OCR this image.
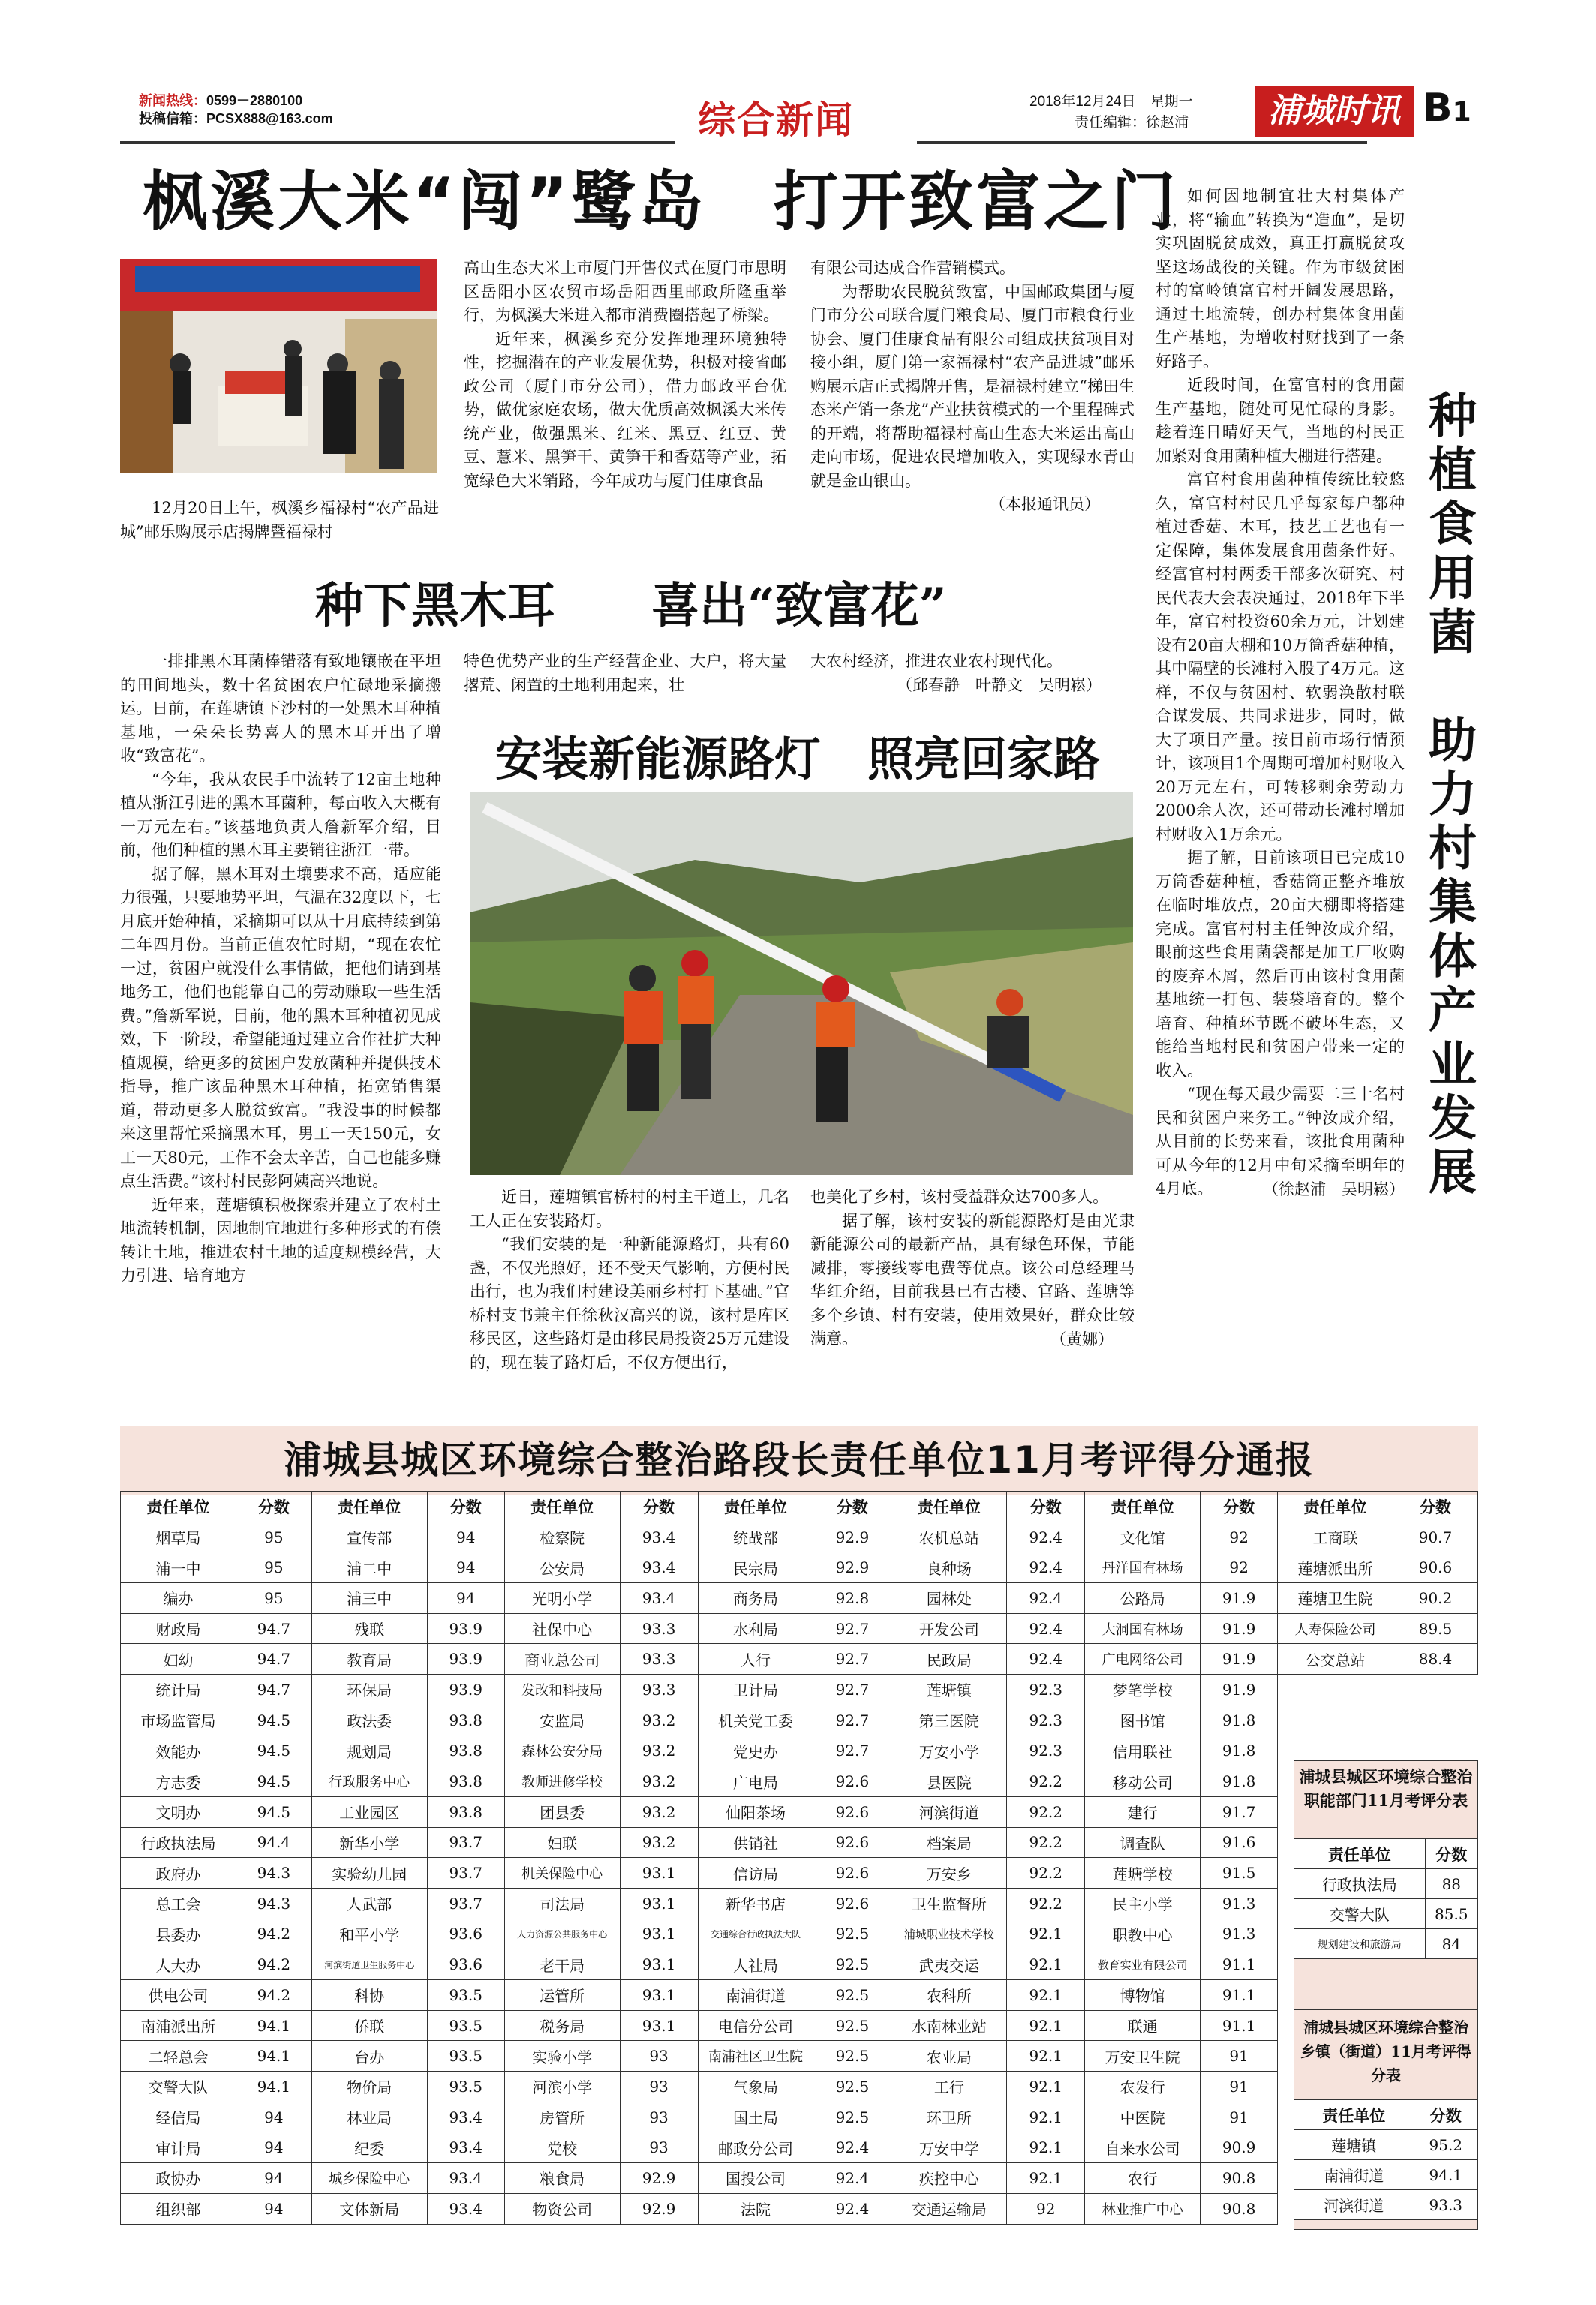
新闻热线：0599－2880100
投稿信箱：PCSX888@163.com	综合新闻	2018年12月24日　 星期一
责任编辑：徐赵浦	浦城时讯 B1
枫溪大米“闯”鹭岛　打开致富之门
12月20日上午，枫溪乡福禄村“农产品进城”邮乐购展示店揭牌暨福禄村

高山生态大米上市厦门开售仪式在厦门市思明区岳阳小区农贸市场岳阳西里邮政所隆重举行，为枫溪大米进入都市消费圈搭起了桥梁。

近年来，枫溪乡充分发挥地理环境独特性，挖掘潜在的产业发展优势，积极对接省邮政公司（厦门市分公司），借力邮政平台优势，做优家庭农场，做大优质高效枫溪大米传统产业，做强黑米、红米、黑豆、红豆、黄豆、薏米、黑笋干、黄笋干和香菇等产业，拓宽绿色大米销路，今年成功与厦门佳康食品

有限公司达成合作营销模式。

为帮助农民脱贫致富，中国邮政集团与厦门市分公司联合厦门粮食局、厦门市粮食行业协会、厦门佳康食品有限公司组成扶贫项目对接小组，厦门第一家福禄村“农产品进城”邮乐购展示店正式揭牌开售，是福禄村建立“梯田生态米产销一条龙”产业扶贫模式的一个里程碑式的开端，将帮助福禄村高山生态大米运出高山走向市场，促进农民增加收入，实现绿水青山就是金山银山。

（本报通讯员）

种下黑木耳　　喜出“致富花”

一排排黑木耳菌棒错落有致地镶嵌在平坦的田间地头，数十名贫困农户忙碌地采摘搬运。日前，在莲塘镇下沙村的一处黑木耳种植基地，一朵朵长势喜人的黑木耳开出了增收“致富花”。

“今年，我从农民手中流转了12亩土地种植从浙江引进的黑木耳菌种，每亩收入大概有一万元左右。”该基地负责人詹新军介绍，目前，他们种植的黑木耳主要销往浙江一带。

据了解，黑木耳对土壤要求不高，适应能力很强，只要地势平坦，气温在32度以下，七月底开始种植，采摘期可以从十月底持续到第二年四月份。当前正值农忙时期，“现在农忙一过，贫困户就没什么事情做，把他们请到基地务工，他们也能靠自己的劳动赚取一些生活费。”詹新军说，目前，他的黑木耳种植初见成效，下一阶段，希望能通过建立合作社扩大种植规模，给更多的贫困户发放菌种并提供技术指导，推广该品种黑木耳种植，拓宽销售渠道，带动更多人脱贫致富。“我没事的时候都来这里帮忙采摘黑木耳，男工一天150元，女工一天80元，工作不会太辛苦，自己也能多赚点生活费。”该村村民彭阿姨高兴地说。

近年来，莲塘镇积极探索并建立了农村土地流转机制，因地制宜地进行多种形式的有偿转让土地，推进农村土地的适度规模经营，大力引进、培育地方

特色优势产业的生产经营企业、大户，将大量撂荒、闲置的土地利用起来，壮

大农村经济，推进农业农村现代化。

（邱春静　叶静文　吴明崧）

安装新能源路灯　照亮回家路

近日，莲塘镇官桥村的村主干道上，几名工人正在安装路灯。

“我们安装的是一种新能源路灯，共有60盏，不仅光照好，还不受天气影响，方便村民出行，也为我们村建设美丽乡村打下基础。”官桥村支书兼主任徐秋汉高兴的说，该村是库区移民区，这些路灯是由移民局投资25万元建设的，现在装了路灯后，不仅方便出行，

也美化了乡村，该村受益群众达700多人。

据了解，该村安装的新能源路灯是由光隶新能源公司的最新产品，具有绿色环保，节能减排，零接线零电费等优点。该公司总经理马华红介绍，目前我县已有古楼、官路、莲塘等多个乡镇、村有安装，使用效果好，群众比较满意。	（黄娜）

如何因地制宜壮大村集体产业，将“输血”转换为“造血”，是切实巩固脱贫成效，真正打赢脱贫攻坚这场战役的关键。作为市级贫困村的富岭镇富官村开阔发展思路，通过土地流转，创办村集体食用菌生产基地，为增收村财找到了一条好路子。

近段时间，在富官村的食用菌生产基地，随处可见忙碌的身影。趁着连日晴好天气，当地的村民正加紧对食用菌种植大棚进行搭建。

富官村食用菌种植传统比较悠久，富官村村民几乎每家每户都种植过香菇、木耳，技艺工艺也有一定保障，集体发展食用菌条件好。经富官村村两委干部多次研究、村民代表大会表决通过，2018年下半年，富官村投资60余万元，计划建设有20亩大棚和10万筒香菇种植，其中隔壁的长滩村入股了4万元。这样，不仅与贫困村、软弱涣散村联合谋发展、共同求进步，同时，做大了项目产量。按目前市场行情预计，该项目1个周期可增加村财收入20万元左右，可转移剩余劳动力2000余人次，还可带动长滩村增加村财收入1万余元。

据了解，目前该项目已完成10万筒香菇种植，香菇筒正整齐堆放在临时堆放点，20亩大棚即将搭建完成。富官村村主任钟汝成介绍，眼前这些食用菌袋都是加工厂收购的废弃木屑，然后再由该村食用菌基地统一打包、装袋培育的。整个培育、种植环节既不破坏生态，又能给当地村民和贫困户带来一定的收入。

“现在每天最少需要二三十名村民和贫困户来务工。”钟汝成介绍，从目前的长势来看，该批食用菌种可从今年的12月中旬采摘至明年的4月底。	（徐赵浦　吴明崧） 种植食用菌　助力村集体产业发展
浦城县城区环境综合整治路段长责任单位11月考评得分通报
责任单位	分数	责任单位	分数	责任单位	分数	责任单位	分数	责任单位	分数	责任单位	分数	责任单位	分数
烟草局	95	宣传部	94	检察院	93.4	统战部	92.9	农机总站	92.4	文化馆	92	工商联	90.7
浦一中	95	浦二中	94	公安局	93.4	民宗局	92.9	良种场	92.4	丹洋国有林场	92	莲塘派出所	90.6
编办	95	浦三中	94	光明小学	93.4	商务局	92.8	园林处	92.4	公路局	91.9	莲塘卫生院	90.2
财政局	94.7	残联	93.9	社保中心	93.3	水利局	92.7	开发公司	92.4	大洞国有林场	91.9	人寿保险公司	89.5
妇幼	94.7	教育局	93.9	商业总公司	93.3	人行	92.7	民政局	92.4	广电网络公司	91.9	公交总站	88.4
统计局	94.7	环保局	93.9	发改和科技局	93.3	卫计局	92.7	莲塘镇	92.3	梦笔学校	91.9		
市场监管局	94.5	政法委	93.8	安监局	93.2	机关党工委	92.7	第三医院	92.3	图书馆	91.8		
效能办	94.5	规划局	93.8	森林公安分局	93.2	党史办	92.7	万安小学	92.3	信用联社	91.8		
方志委	94.5	行政服务中心	93.8	教师进修学校	93.2	广电局	92.6	县医院	92.2	移动公司	91.8		
文明办	94.5	工业园区	93.8	团县委	93.2	仙阳茶场	92.6	河滨街道	92.2	建行	91.7		
行政执法局	94.4	新华小学	93.7	妇联	93.2	供销社	92.6	档案局	92.2	调查队	91.6		
政府办	94.3	实验幼儿园	93.7	机关保险中心	93.1	信访局	92.6	万安乡	92.2	莲塘学校	91.5		
总工会	94.3	人武部	93.7	司法局	93.1	新华书店	92.6	卫生监督所	92.2	民主小学	91.3		
县委办	94.2	和平小学	93.6	人力资源公共服务中心	93.1	交通综合行政执法大队	92.5	浦城职业技术学校	92.1	职教中心	91.3		
人大办	94.2	河滨街道卫生服务中心	93.6	老干局	93.1	人社局	92.5	武夷交运	92.1	教育实业有限公司	91.1		
供电公司	94.2	科协	93.5	运管所	93.1	南浦街道	92.5	农科所	92.1	博物馆	91.1		
南浦派出所	94.1	侨联	93.5	税务局	93.1	电信分公司	92.5	水南林业站	92.1	联通	91.1		
二轻总会	94.1	台办	93.5	实验小学	93	南浦社区卫生院	92.5	农业局	92.1	万安卫生院	91		
交警大队	94.1	物价局	93.5	河滨小学	93	气象局	92.5	工行	92.1	农发行	91		
经信局	94	林业局	93.4	房管所	93	国土局	92.5	环卫所	92.1	中医院	91		
审计局	94	纪委	93.4	党校	93	邮政分公司	92.4	万安中学	92.1	自来水公司	90.9		
政协办	94	城乡保险中心	93.4	粮食局	92.9	国投公司	92.4	疾控中心	92.1	农行	90.8		
组织部	94	文体新局	93.4	物资公司	92.9	法院	92.4	交通运输局	92	林业推广中心	90.8		
浦城县城区环境综合整治
职能部门11月考评分表
责任单位	分数
行政执法局	88
交警大队	85.5
规划建设和旅游局	84
浦城县城区环境综合整治
乡镇（街道）11月考评得分表
责任单位	分数
莲塘镇	95.2
南浦街道	94.1
河滨街道	93.3
